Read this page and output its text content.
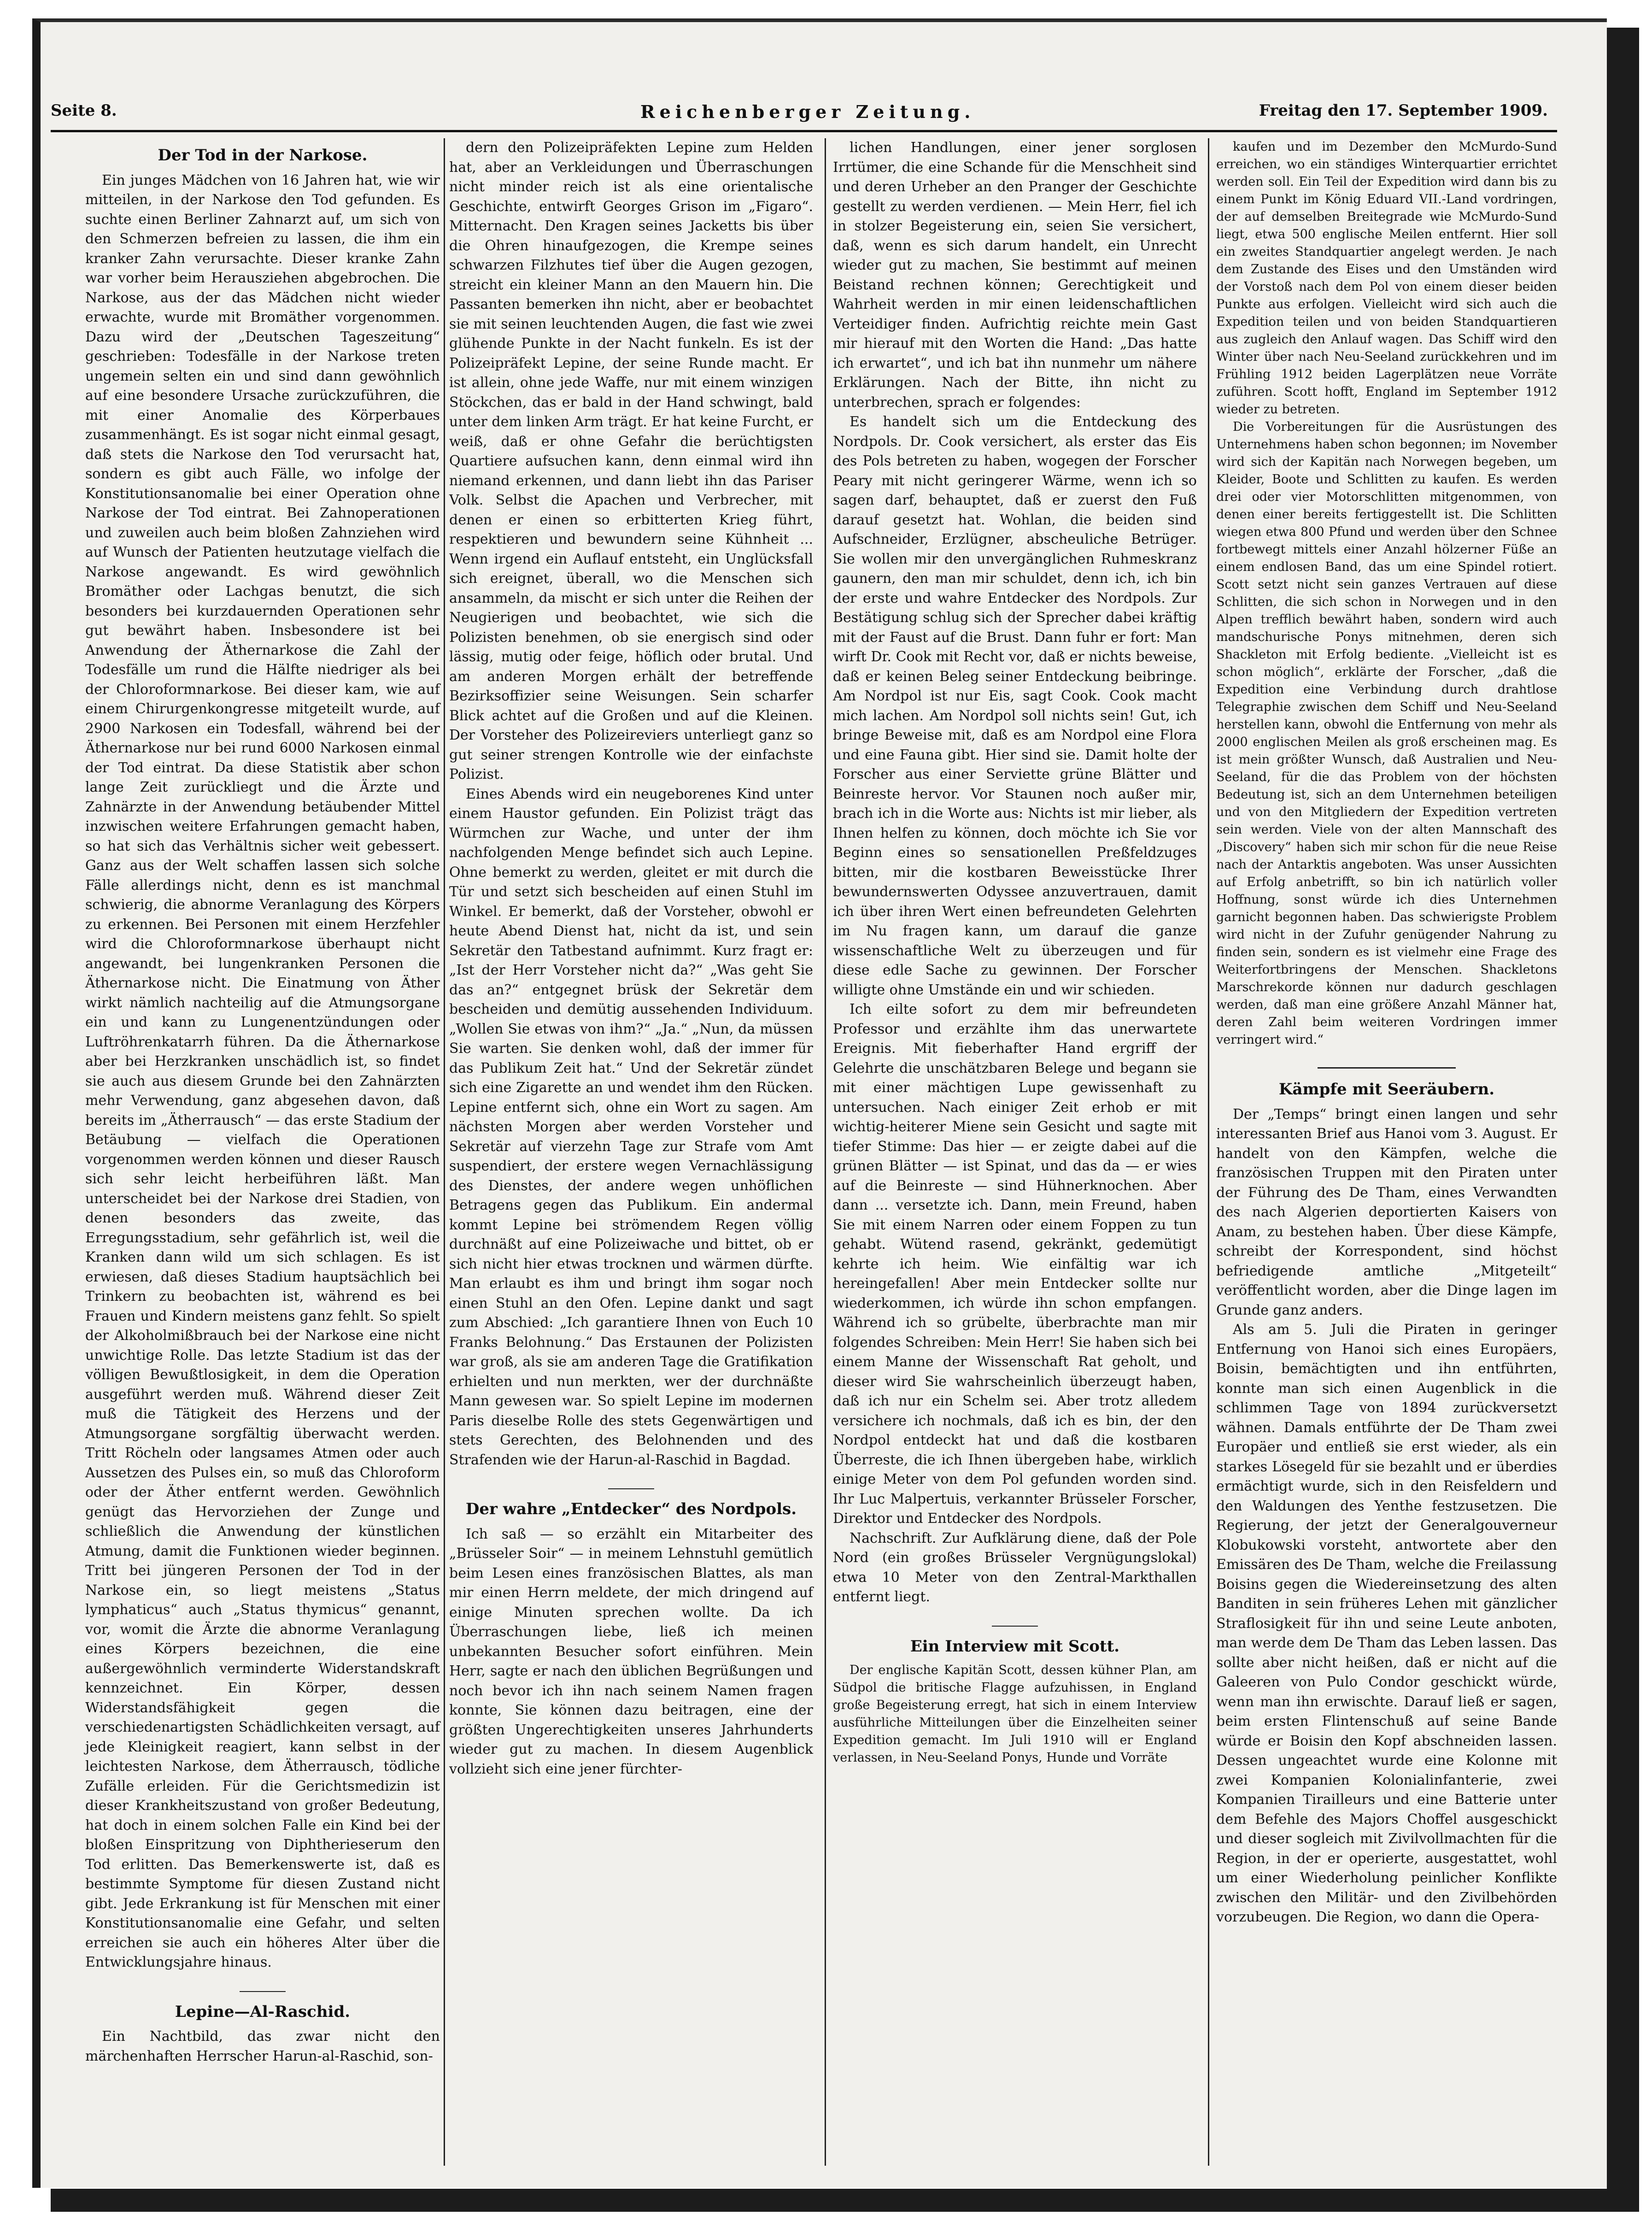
Seite 8.	Reichenberger Zeitung.	Freitag den 17. September 1909.
Der Tod in der Narkose.

Ein junges Mädchen von 16 Jahren hat, wie wir mitteilen, in der Narkose den Tod gefunden. Es suchte einen Berliner Zahnarzt auf, um sich von den Schmerzen befreien zu lassen, die ihm ein kranker Zahn verursachte. Dieser kranke Zahn war vorher beim Herausziehen abgebrochen. Die Narkose, aus der das Mädchen nicht wieder erwachte, wurde mit Bromäther vorgenommen. Dazu wird der „Deutschen Tageszeitung“ geschrieben: Todesfälle in der Narkose treten ungemein selten ein und sind dann gewöhnlich auf eine besondere Ursache zurückzuführen, die mit einer Anomalie des Körperbaues zusammenhängt. Es ist sogar nicht einmal gesagt, daß stets die Narkose den Tod verursacht hat, sondern es gibt auch Fälle, wo infolge der Konstitutionsanomalie bei einer Operation ohne Narkose der Tod eintrat. Bei Zahnoperationen und zuweilen auch beim bloßen Zahnziehen wird auf Wunsch der Patienten heutzutage vielfach die Narkose angewandt. Es wird gewöhnlich Bromäther oder Lachgas benutzt, die sich besonders bei kurzdauernden Operationen sehr gut bewährt haben. Insbesondere ist bei Anwendung der Äthernarkose die Zahl der Todesfälle um rund die Hälfte niedriger als bei der Chloroformnarkose. Bei dieser kam, wie auf einem Chirurgenkongresse mitgeteilt wurde, auf 2900 Narkosen ein Todesfall, während bei der Äthernarkose nur bei rund 6000 Narkosen einmal der Tod eintrat. Da diese Statistik aber schon lange Zeit zurückliegt und die Ärzte und Zahnärzte in der Anwendung betäubender Mittel inzwischen weitere Erfahrungen gemacht haben, so hat sich das Verhältnis sicher weit gebessert. Ganz aus der Welt schaffen lassen sich solche Fälle allerdings nicht, denn es ist manchmal schwierig, die abnorme Veranlagung des Körpers zu erkennen. Bei Personen mit einem Herzfehler wird die Chloroformnarkose überhaupt nicht angewandt, bei lungenkranken Personen die Äthernarkose nicht. Die Einatmung von Äther wirkt nämlich nachteilig auf die Atmungsorgane ein und kann zu Lungenentzündungen oder Luftröhrenkatarrh führen. Da die Äthernarkose aber bei Herzkranken unschädlich ist, so findet sie auch aus diesem Grunde bei den Zahnärzten mehr Verwendung, ganz abgesehen davon, daß bereits im „Ätherrausch“ — das erste Stadium der Betäubung — vielfach die Operationen vorgenommen werden können und dieser Rausch sich sehr leicht herbeiführen läßt. Man unterscheidet bei der Narkose drei Stadien, von denen besonders das zweite, das Erregungsstadium, sehr gefährlich ist, weil die Kranken dann wild um sich schlagen. Es ist erwiesen, daß dieses Stadium hauptsächlich bei Trinkern zu beobachten ist, während es bei Frauen und Kindern meistens ganz fehlt. So spielt der Alkoholmißbrauch bei der Narkose eine nicht unwichtige Rolle. Das letzte Stadium ist das der völligen Bewußtlosigkeit, in dem die Operation ausgeführt werden muß. Während dieser Zeit muß die Tätigkeit des Herzens und der Atmungsorgane sorgfältig überwacht werden. Tritt Röcheln oder langsames Atmen oder auch Aussetzen des Pulses ein, so muß das Chloroform oder der Äther entfernt werden. Gewöhnlich genügt das Hervorziehen der Zunge und schließlich die Anwendung der künstlichen Atmung, damit die Funktionen wieder beginnen. Tritt bei jüngeren Personen der Tod in der Narkose ein, so liegt meistens „Status lymphaticus“ auch „Status thymicus“ genannt, vor, womit die Ärzte die abnorme Veranlagung eines Körpers bezeichnen, die eine außergewöhnlich verminderte Widerstandskraft kennzeichnet. Ein Körper, dessen Widerstandsfähigkeit gegen die verschiedenartigsten Schädlichkeiten versagt, auf jede Kleinigkeit reagiert, kann selbst in der leichtesten Narkose, dem Ätherrausch, tödliche Zufälle erleiden. Für die Gerichtsmedizin ist dieser Krankheitszustand von großer Bedeutung, hat doch in einem solchen Falle ein Kind bei der bloßen Einspritzung von Diphtherieserum den Tod erlitten. Das Bemerkenswerte ist, daß es bestimmte Symptome für diesen Zustand nicht gibt. Jede Erkrankung ist für Menschen mit einer Konstitutionsanomalie eine Gefahr, und selten erreichen sie auch ein höheres Alter über die Entwicklungsjahre hinaus.

Lepine—Al-Raschid.

Ein Nachtbild, das zwar nicht den märchenhaften Herrscher Harun-al-Raschid, son-

dern den Polizeipräfekten Lepine zum Helden hat, aber an Verkleidungen und Überraschungen nicht minder reich ist als eine orientalische Geschichte, entwirft Georges Grison im „Figaro“. Mitternacht. Den Kragen seines Jacketts bis über die Ohren hinaufgezogen, die Krempe seines schwarzen Filzhutes tief über die Augen gezogen, streicht ein kleiner Mann an den Mauern hin. Die Passanten bemerken ihn nicht, aber er beobachtet sie mit seinen leuchtenden Augen, die fast wie zwei glühende Punkte in der Nacht funkeln. Es ist der Polizeipräfekt Lepine, der seine Runde macht. Er ist allein, ohne jede Waffe, nur mit einem winzigen Stöckchen, das er bald in der Hand schwingt, bald unter dem linken Arm trägt. Er hat keine Furcht, er weiß, daß er ohne Gefahr die berüchtigsten Quartiere aufsuchen kann, denn einmal wird ihn niemand erkennen, und dann liebt ihn das Pariser Volk. Selbst die Apachen und Verbrecher, mit denen er einen so erbitterten Krieg führt, respektieren und bewundern seine Kühnheit ... Wenn irgend ein Auflauf entsteht, ein Unglücksfall sich ereignet, überall, wo die Menschen sich ansammeln, da mischt er sich unter die Reihen der Neugierigen und beobachtet, wie sich die Polizisten benehmen, ob sie energisch sind oder lässig, mutig oder feige, höflich oder brutal. Und am anderen Morgen erhält der betreffende Bezirksoffizier seine Weisungen. Sein scharfer Blick achtet auf die Großen und auf die Kleinen. Der Vorsteher des Polizeireviers unterliegt ganz so gut seiner strengen Kontrolle wie der einfachste Polizist.

Eines Abends wird ein neugeborenes Kind unter einem Haustor gefunden. Ein Polizist trägt das Würmchen zur Wache, und unter der ihm nachfolgenden Menge befindet sich auch Lepine. Ohne bemerkt zu werden, gleitet er mit durch die Tür und setzt sich bescheiden auf einen Stuhl im Winkel. Er bemerkt, daß der Vorsteher, obwohl er heute Abend Dienst hat, nicht da ist, und sein Sekretär den Tatbestand aufnimmt. Kurz fragt er: „Ist der Herr Vorsteher nicht da?“ „Was geht Sie das an?“ entgegnet brüsk der Sekretär dem bescheiden und demütig aussehenden Individuum. „Wollen Sie etwas von ihm?“ „Ja.“ „Nun, da müssen Sie warten. Sie denken wohl, daß der immer für das Publikum Zeit hat.“ Und der Sekretär zündet sich eine Zigarette an und wendet ihm den Rücken. Lepine entfernt sich, ohne ein Wort zu sagen. Am nächsten Morgen aber werden Vorsteher und Sekretär auf vierzehn Tage zur Strafe vom Amt suspendiert, der erstere wegen Vernachlässigung des Dienstes, der andere wegen unhöflichen Betragens gegen das Publikum. Ein andermal kommt Lepine bei strömendem Regen völlig durchnäßt auf eine Polizeiwache und bittet, ob er sich nicht hier etwas trocknen und wärmen dürfte. Man erlaubt es ihm und bringt ihm sogar noch einen Stuhl an den Ofen. Lepine dankt und sagt zum Abschied: „Ich garantiere Ihnen von Euch 10 Franks Belohnung.“ Das Erstaunen der Polizisten war groß, als sie am anderen Tage die Gratifikation erhielten und nun merkten, wer der durchnäßte Mann gewesen war. So spielt Lepine im modernen Paris dieselbe Rolle des stets Gegenwärtigen und stets Gerechten, des Belohnenden und des Strafenden wie der Harun-al-Raschid in Bagdad.

Der wahre „Entdecker“ des Nordpols.

Ich saß — so erzählt ein Mitarbeiter des „Brüsseler Soir“ — in meinem Lehnstuhl gemütlich beim Lesen eines französischen Blattes, als man mir einen Herrn meldete, der mich dringend auf einige Minuten sprechen wollte. Da ich Überraschungen liebe, ließ ich meinen unbekannten Besucher sofort einführen. Mein Herr, sagte er nach den üblichen Begrüßungen und noch bevor ich ihn nach seinem Namen fragen konnte, Sie können dazu beitragen, eine der größten Ungerechtigkeiten unseres Jahrhunderts wieder gut zu machen. In diesem Augenblick vollzieht sich eine jener fürchter-

lichen Handlungen, einer jener sorglosen Irrtümer, die eine Schande für die Menschheit sind und deren Urheber an den Pranger der Geschichte gestellt zu werden verdienen. — Mein Herr, fiel ich in stolzer Begeisterung ein, seien Sie versichert, daß, wenn es sich darum handelt, ein Unrecht wieder gut zu machen, Sie bestimmt auf meinen Beistand rechnen können; Gerechtigkeit und Wahrheit werden in mir einen leidenschaftlichen Verteidiger finden. Aufrichtig reichte mein Gast mir hierauf mit den Worten die Hand: „Das hatte ich erwartet“, und ich bat ihn nunmehr um nähere Erklärungen. Nach der Bitte, ihn nicht zu unterbrechen, sprach er folgendes:

Es handelt sich um die Entdeckung des Nordpols. Dr. Cook versichert, als erster das Eis des Pols betreten zu haben, wogegen der Forscher Peary mit nicht geringerer Wärme, wenn ich so sagen darf, behauptet, daß er zuerst den Fuß darauf gesetzt hat. Wohlan, die beiden sind Aufschneider, Erzlügner, abscheuliche Betrüger. Sie wollen mir den unvergänglichen Ruhmeskranz gaunern, den man mir schuldet, denn ich, ich bin der erste und wahre Entdecker des Nordpols. Zur Bestätigung schlug sich der Sprecher dabei kräftig mit der Faust auf die Brust. Dann fuhr er fort: Man wirft Dr. Cook mit Recht vor, daß er nichts beweise, daß er keinen Beleg seiner Entdeckung beibringe. Am Nordpol ist nur Eis, sagt Cook. Cook macht mich lachen. Am Nordpol soll nichts sein! Gut, ich bringe Beweise mit, daß es am Nordpol eine Flora und eine Fauna gibt. Hier sind sie. Damit holte der Forscher aus einer Serviette grüne Blätter und Beinreste hervor. Vor Staunen noch außer mir, brach ich in die Worte aus: Nichts ist mir lieber, als Ihnen helfen zu können, doch möchte ich Sie vor Beginn eines so sensationellen Preßfeldzuges bitten, mir die kostbaren Beweisstücke Ihrer bewundernswerten Odyssee anzuvertrauen, damit ich über ihren Wert einen befreundeten Gelehrten im Nu fragen kann, um darauf die ganze wissenschaftliche Welt zu überzeugen und für diese edle Sache zu gewinnen. Der Forscher willigte ohne Umstände ein und wir schieden.

Ich eilte sofort zu dem mir befreundeten Professor und erzählte ihm das unerwartete Ereignis. Mit fieberhafter Hand ergriff der Gelehrte die unschätzbaren Belege und begann sie mit einer mächtigen Lupe gewissenhaft zu untersuchen. Nach einiger Zeit erhob er mit wichtig-heiterer Miene sein Gesicht und sagte mit tiefer Stimme: Das hier — er zeigte dabei auf die grünen Blätter — ist Spinat, und das da — er wies auf die Beinreste — sind Hühnerknochen. Aber dann ... versetzte ich. Dann, mein Freund, haben Sie mit einem Narren oder einem Foppen zu tun gehabt. Wütend rasend, gekränkt, gedemütigt kehrte ich heim. Wie einfältig war ich hereingefallen! Aber mein Entdecker sollte nur wiederkommen, ich würde ihn schon empfangen. Während ich so grübelte, überbrachte man mir folgendes Schreiben: Mein Herr! Sie haben sich bei einem Manne der Wissenschaft Rat geholt, und dieser wird Sie wahrscheinlich überzeugt haben, daß ich nur ein Schelm sei. Aber trotz alledem versichere ich nochmals, daß ich es bin, der den Nordpol entdeckt hat und daß die kostbaren Überreste, die ich Ihnen übergeben habe, wirklich einige Meter von dem Pol gefunden worden sind. Ihr Luc Malpertuis, verkannter Brüsseler Forscher, Direktor und Entdecker des Nordpols.

Nachschrift. Zur Aufklärung diene, daß der Pole Nord (ein großes Brüsseler Vergnügungslokal) etwa 10 Meter von den Zentral-Markthallen entfernt liegt.

Ein Interview mit Scott.

Der englische Kapitän Scott, dessen kühner Plan, am Südpol die britische Flagge aufzuhissen, in England große Begeisterung erregt, hat sich in einem Interview ausführliche Mitteilungen über die Einzelheiten seiner Expedition gemacht. Im Juli 1910 will er England verlassen, in Neu-Seeland Ponys, Hunde und Vorräte

kaufen und im Dezember den McMurdo-Sund erreichen, wo ein ständiges Winterquartier errichtet werden soll. Ein Teil der Expedition wird dann bis zu einem Punkt im König Eduard VII.-Land vordringen, der auf demselben Breitegrade wie McMurdo-Sund liegt, etwa 500 englische Meilen entfernt. Hier soll ein zweites Standquartier angelegt werden. Je nach dem Zustande des Eises und den Umständen wird der Vorstoß nach dem Pol von einem dieser beiden Punkte aus erfolgen. Vielleicht wird sich auch die Expedition teilen und von beiden Standquartieren aus zugleich den Anlauf wagen. Das Schiff wird den Winter über nach Neu-Seeland zurückkehren und im Frühling 1912 beiden Lagerplätzen neue Vorräte zuführen. Scott hofft, England im September 1912 wieder zu betreten.

Die Vorbereitungen für die Ausrüstungen des Unternehmens haben schon begonnen; im November wird sich der Kapitän nach Norwegen begeben, um Kleider, Boote und Schlitten zu kaufen. Es werden drei oder vier Motorschlitten mitgenommen, von denen einer bereits fertiggestellt ist. Die Schlitten wiegen etwa 800 Pfund und werden über den Schnee fortbewegt mittels einer Anzahl hölzerner Füße an einem endlosen Band, das um eine Spindel rotiert. Scott setzt nicht sein ganzes Vertrauen auf diese Schlitten, die sich schon in Norwegen und in den Alpen trefflich bewährt haben, sondern wird auch mandschurische Ponys mitnehmen, deren sich Shackleton mit Erfolg bediente. „Vielleicht ist es schon möglich“, erklärte der Forscher, „daß die Expedition eine Verbindung durch drahtlose Telegraphie zwischen dem Schiff und Neu-Seeland herstellen kann, obwohl die Entfernung von mehr als 2000 englischen Meilen als groß erscheinen mag. Es ist mein größter Wunsch, daß Australien und Neu-Seeland, für die das Problem von der höchsten Bedeutung ist, sich an dem Unternehmen beteiligen und von den Mitgliedern der Expedition vertreten sein werden. Viele von der alten Mannschaft des „Discovery“ haben sich mir schon für die neue Reise nach der Antarktis angeboten. Was unser Aussichten auf Erfolg anbetrifft, so bin ich natürlich voller Hoffnung, sonst würde ich dies Unternehmen garnicht begonnen haben. Das schwierigste Problem wird nicht in der Zufuhr genügender Nahrung zu finden sein, sondern es ist vielmehr eine Frage des Weiterfortbringens der Menschen. Shackletons Marschrekorde können nur dadurch geschlagen werden, daß man eine größere Anzahl Männer hat, deren Zahl beim weiteren Vordringen immer verringert wird.“

Kämpfe mit Seeräubern.

Der „Temps“ bringt einen langen und sehr interessanten Brief aus Hanoi vom 3. August. Er handelt von den Kämpfen, welche die französischen Truppen mit den Piraten unter der Führung des De Tham, eines Verwandten des nach Algerien deportierten Kaisers von Anam, zu bestehen haben. Über diese Kämpfe, schreibt der Korrespondent, sind höchst befriedigende amtliche „Mitgeteilt“ veröffentlicht worden, aber die Dinge lagen im Grunde ganz anders.

Als am 5. Juli die Piraten in geringer Entfernung von Hanoi sich eines Europäers, Boisin, bemächtigten und ihn entführten, konnte man sich einen Augenblick in die schlimmen Tage von 1894 zurückversetzt wähnen. Damals entführte der De Tham zwei Europäer und entließ sie erst wieder, als ein starkes Lösegeld für sie bezahlt und er überdies ermächtigt wurde, sich in den Reisfeldern und den Waldungen des Yenthe festzusetzen. Die Regierung, der jetzt der Generalgouverneur Klobukowski vorsteht, antwortete aber den Emissären des De Tham, welche die Freilassung Boisins gegen die Wiedereinsetzung des alten Banditen in sein früheres Lehen mit gänzlicher Straflosigkeit für ihn und seine Leute anboten, man werde dem De Tham das Leben lassen. Das sollte aber nicht heißen, daß er nicht auf die Galeeren von Pulo Condor geschickt würde, wenn man ihn erwischte. Darauf ließ er sagen, beim ersten Flintenschuß auf seine Bande würde er Boisin den Kopf abschneiden lassen. Dessen ungeachtet wurde eine Kolonne mit zwei Kompanien Kolonialinfanterie, zwei Kompanien Tirailleurs und eine Batterie unter dem Befehle des Majors Choffel ausgeschickt und dieser sogleich mit Zivilvollmachten für die Region, in der er operierte, ausgestattet, wohl um einer Wiederholung peinlicher Konflikte zwischen den Militär- und den Zivilbehörden vorzubeugen. Die Region, wo dann die Opera-
